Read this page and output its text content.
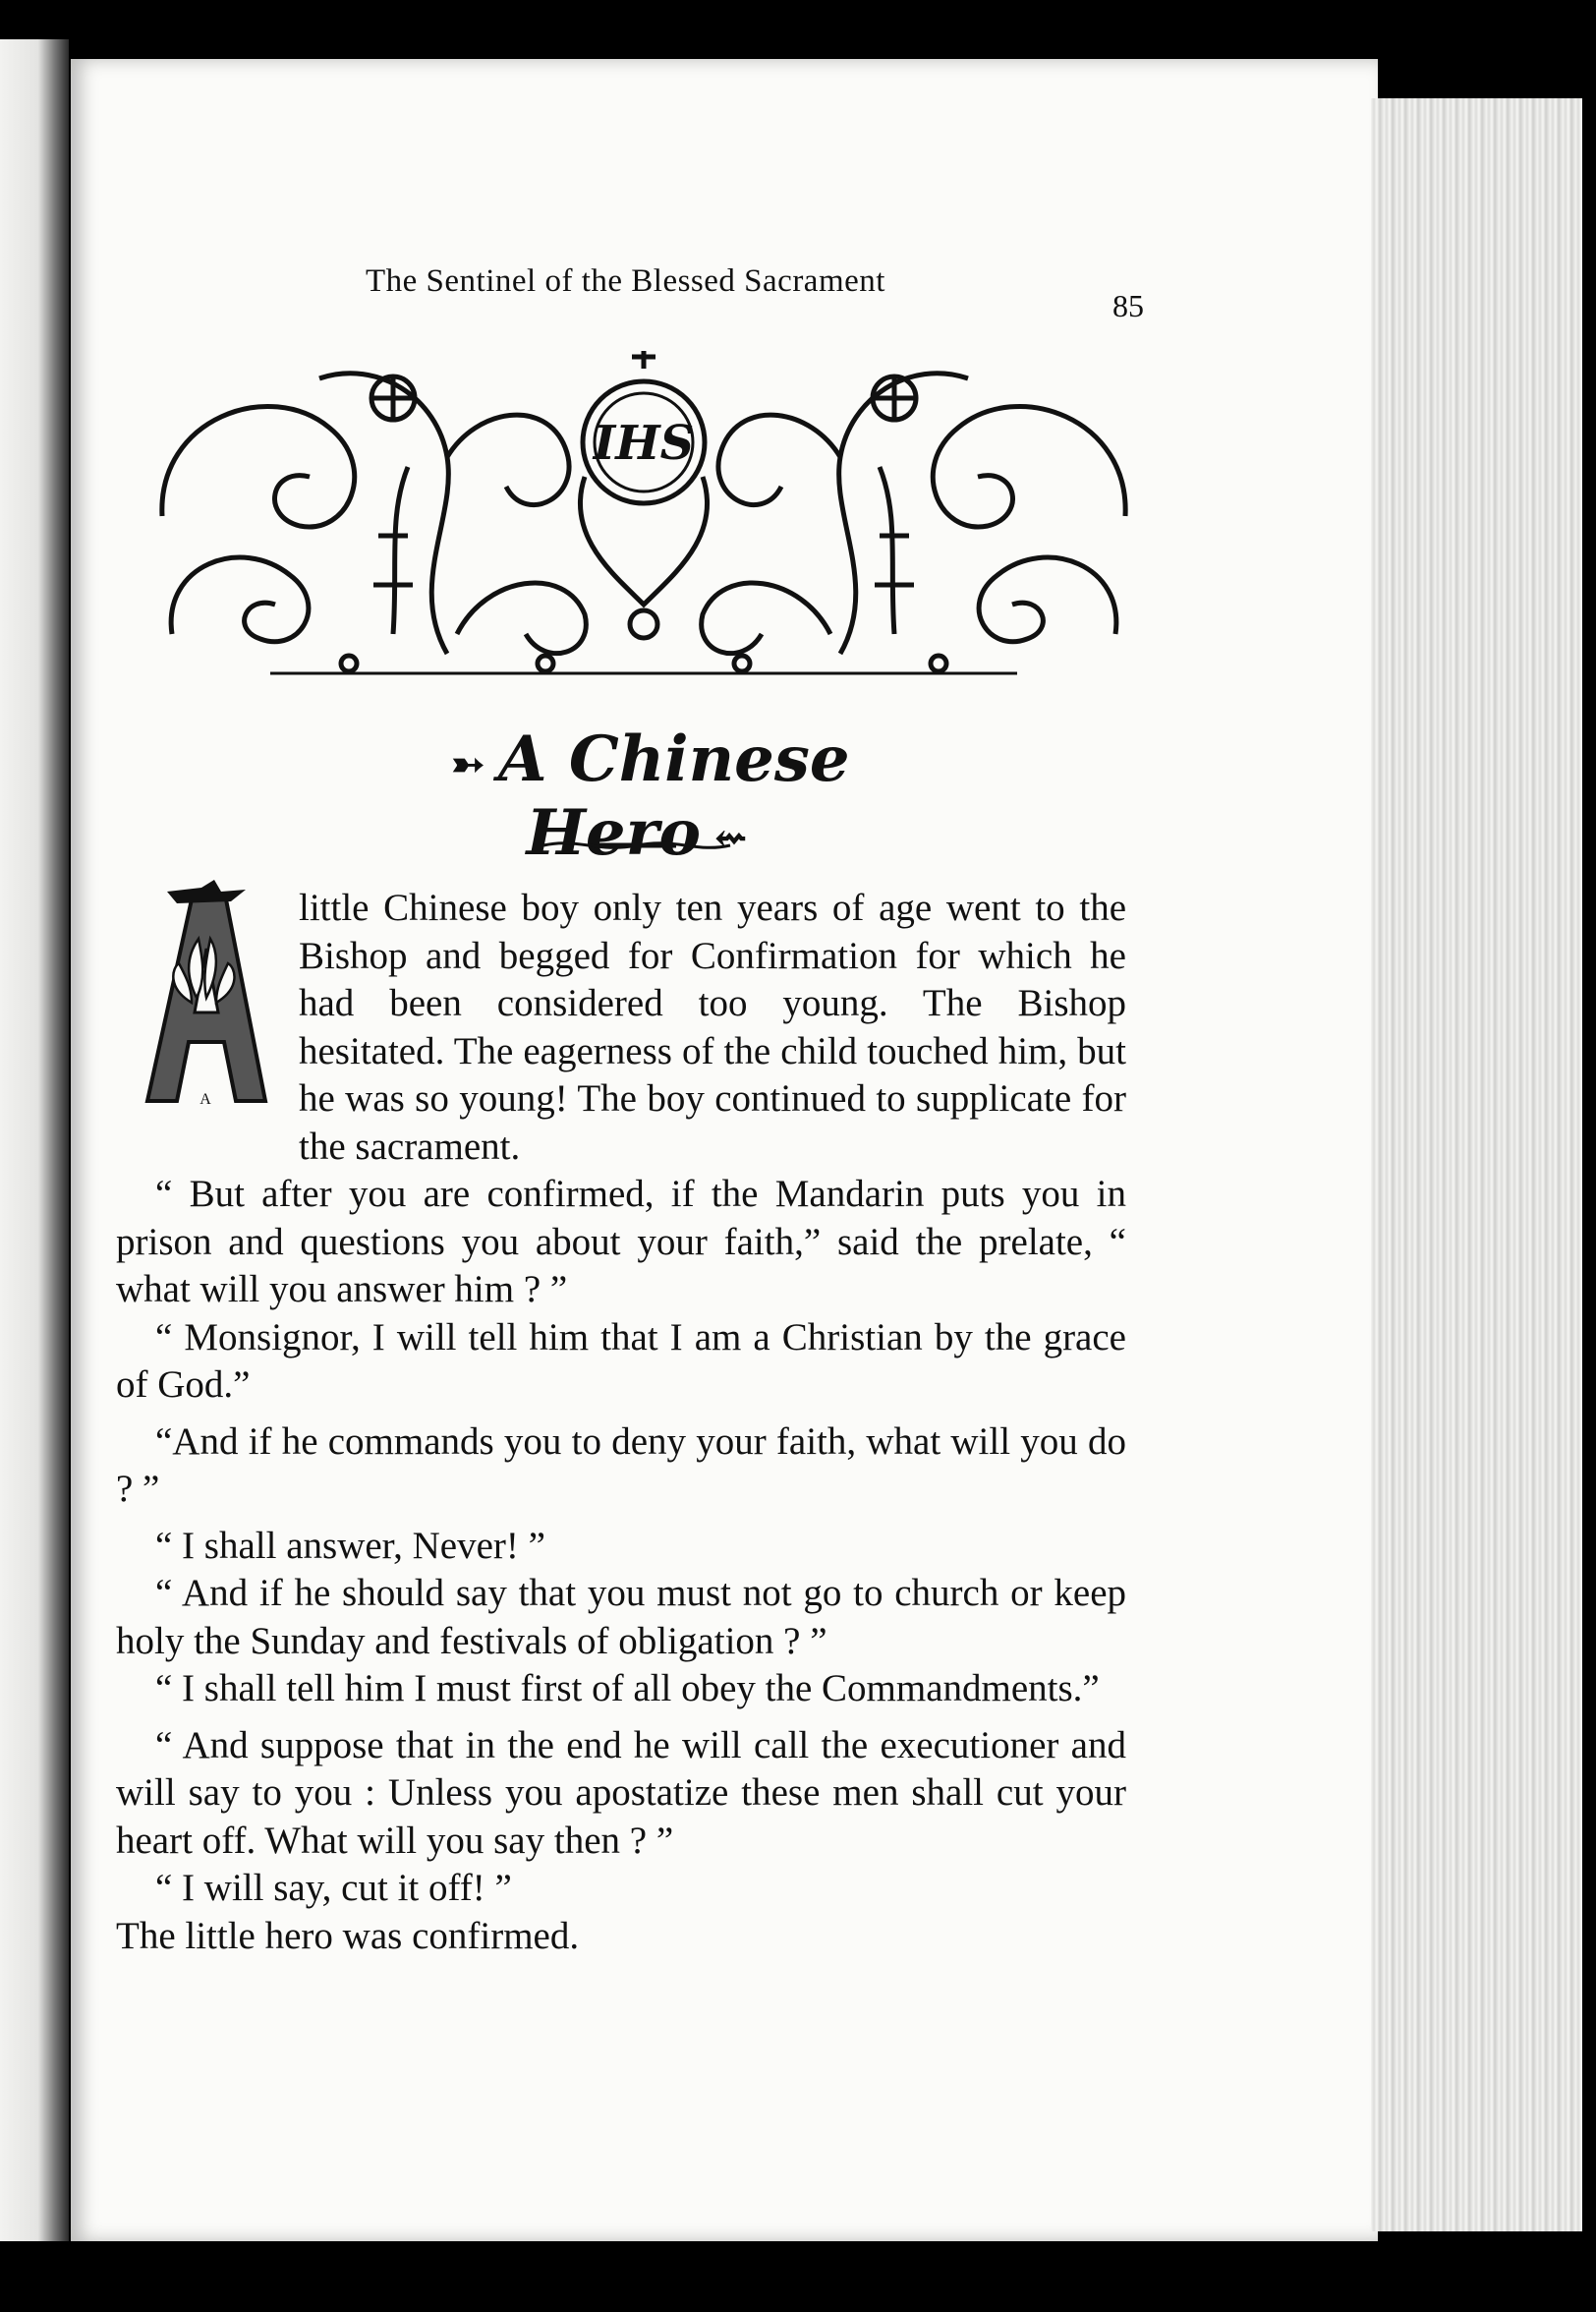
The Sentinel of the Blessed Sacrament
85
IHS
➳ A Chinese Hero ⇜
A

little Chinese boy only ten years of age went to the Bishop and begged for Confirmation for which he had been considered too young. The Bishop hesitated. The eagerness of the child touched him, but he was so young! The boy continued to supplicate for the sacrament.

“ But after you are confirmed, if the Mandarin puts you in prison and questions you about your faith,” said the prelate, “ what will you answer him ? ”

“ Monsignor, I will tell him that I am a Christian by the grace of God.”

“And if he commands you to deny your faith, what will you do ? ”

“ I shall answer, Never! ”

“ And if he should say that you must not go to church or keep holy the Sunday and festivals of obligation ? ”

“ I shall tell him I must first of all obey the Commandments.”

“ And suppose that in the end he will call the executioner and will say to you : Unless you apostatize these men shall cut your heart off. What will you say then ? ”

“ I will say, cut it off! ”

The little hero was confirmed.
